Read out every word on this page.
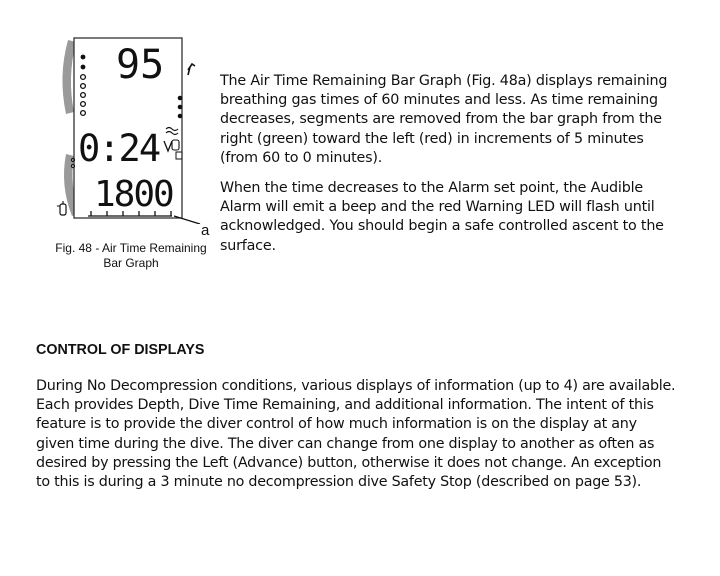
95
0:24
1800
a
Fig. 48 - Air Time Remaining
Bar Graph

The Air Time Remaining Bar Graph (Fig. 48a) displays remaining breathing gas times of 60 minutes and less. As time remaining decreases, segments are removed from the bar graph from the right (green) toward the left (red) in increments of 5 minutes (from 60 to 0 minutes).

When the time decreases to the Alarm set point, the Audible Alarm will emit a beep and the red Warning LED will flash until acknowledged. You should begin a safe controlled ascent to the surface.

CONTROL OF DISPLAYS

During No Decompression conditions, various displays of information (up to 4) are available. Each provides Depth, Dive Time Remaining, and additional information. The intent of this feature is to provide the diver control of how much information is on the display at any given time during the dive. The diver can change from one display to another as often as desired by pressing the Left (Advance) button, otherwise it does not change. An exception to this is during a 3 minute no decompression dive Safety Stop (described on page 53).
